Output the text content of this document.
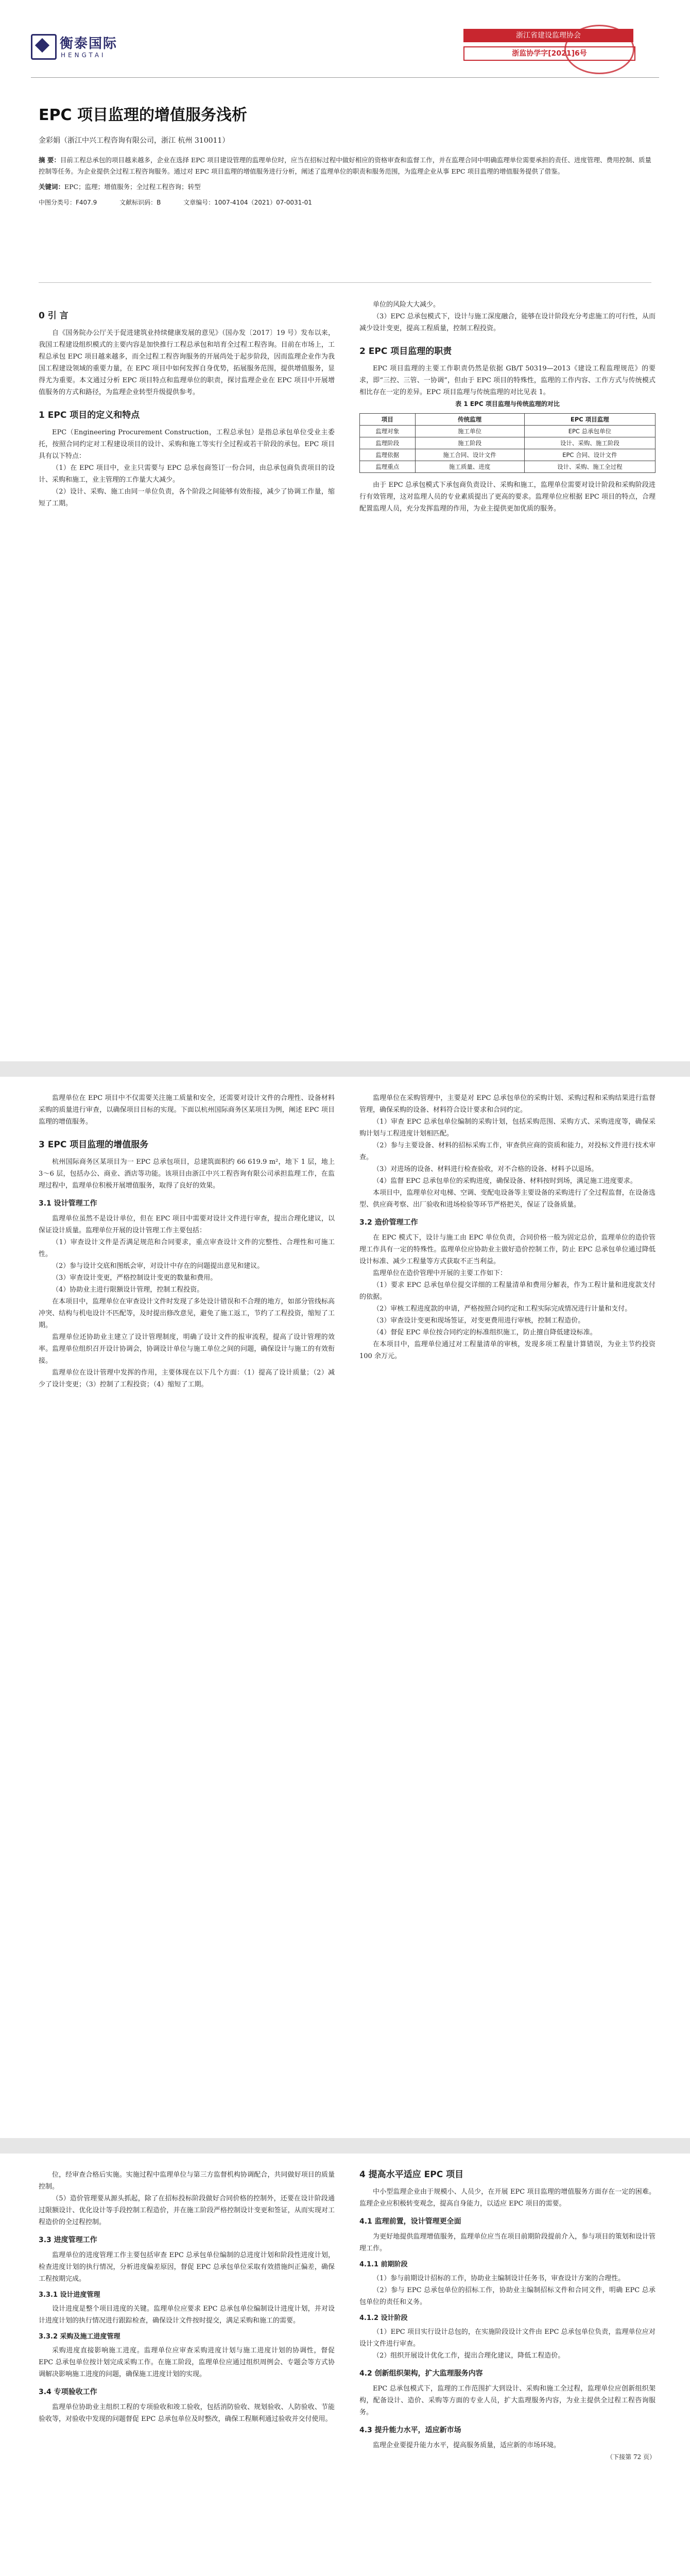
衡泰国际
HENGTAI
浙江省建设监理协会
浙监协学字[2021]6号
EPC 项目监理的增值服务浅析
金彩娟（浙江中兴工程咨询有限公司，浙江 杭州 310011）
摘 要：目前工程总承包的项目越来越多，企业在选择 EPC 项目建设管理的监理单位时，应当在招标过程中做好相应的资格审查和监督工作，并在监理合同中明确监理单位需要承担的责任、进度管理、费用控制、质量控制等任务。为企业提供全过程工程咨询服务。通过对 EPC 项目监理的增值服务进行分析，阐述了监理单位的职责和服务范围，为监理企业从事 EPC 项目监理的增值服务提供了借鉴。
关键词：EPC；监理；增值服务；全过程工程咨询；转型
中图分类号：F407.9	文献标识码：B	文章编号：1007-4104（2021）07-0031-01
0 引 言

自《国务院办公厅关于促进建筑业持续健康发展的意见》（国办发〔2017〕19 号）发布以来，我国工程建设组织模式的主要内容是加快推行工程总承包和培育全过程工程咨询。目前在市场上，工程总承包 EPC 项目越来越多，而全过程工程咨询服务的开展尚处于起步阶段，因而监理企业作为我国工程建设领域的重要力量，在 EPC 项目中如何发挥自身优势，拓展服务范围，提供增值服务，显得尤为重要。本文通过分析 EPC 项目特点和监理单位的职责，探讨监理企业在 EPC 项目中开展增值服务的方式和路径，为监理企业转型升级提供参考。

1 EPC 项目的定义和特点

EPC（Engineering Procurement Construction，工程总承包）是指总承包单位受业主委托，按照合同约定对工程建设项目的设计、采购和施工等实行全过程或若干阶段的承包。EPC 项目具有以下特点：

（1）在 EPC 项目中，业主只需要与 EPC 总承包商签订一份合同，由总承包商负责项目的设计、采购和施工，业主管理的工作量大大减少。

（2）设计、采购、施工由同一单位负责，各个阶段之间能够有效衔接，减少了协调工作量，缩短了工期。

单位的风险大大减少。

（3）EPC 总承包模式下，设计与施工深度融合，能够在设计阶段充分考虑施工的可行性，从而减少设计变更，提高工程质量，控制工程投资。

2 EPC 项目监理的职责

EPC 项目监理的主要工作职责仍然是依据 GB/T 50319—2013《建设工程监理规范》的要求，即“三控、三管、一协调”，但由于 EPC 项目的特殊性，监理的工作内容、工作方式与传统模式相比存在一定的差异。EPC 项目监理与传统监理的对比见表 1。

表 1 EPC 项目监理与传统监理的对比
项目	传统监理	EPC 项目监理
监理对象	施工单位	EPC 总承包单位
监理阶段	施工阶段	设计、采购、施工阶段
监理依据	施工合同、设计文件	EPC 合同、设计文件
监理重点	施工质量、进度	设计、采购、施工全过程

由于 EPC 总承包模式下承包商负责设计、采购和施工，监理单位需要对设计阶段和采购阶段进行有效管理，这对监理人员的专业素质提出了更高的要求。监理单位应根据 EPC 项目的特点，合理配置监理人员，充分发挥监理的作用，为业主提供更加优质的服务。

监理单位在 EPC 项目中不仅需要关注施工质量和安全，还需要对设计文件的合理性、设备材料采购的质量进行审查，以确保项目目标的实现。下面以杭州国际商务区某项目为例，阐述 EPC 项目监理的增值服务。

3 EPC 项目监理的增值服务

杭州国际商务区某项目为一 EPC 总承包项目，总建筑面积约 66 619.9 m²，地下 1 层，地上 3～6 层，包括办公、商业、酒店等功能。该项目由浙江中兴工程咨询有限公司承担监理工作，在监理过程中，监理单位积极开展增值服务，取得了良好的效果。

3.1 设计管理工作

监理单位虽然不是设计单位，但在 EPC 项目中需要对设计文件进行审查，提出合理化建议，以保证设计质量。监理单位开展的设计管理工作主要包括：

（1）审查设计文件是否满足规范和合同要求，重点审查设计文件的完整性、合理性和可施工性。

（2）参与设计交底和图纸会审，对设计中存在的问题提出意见和建议。

（3）审查设计变更，严格控制设计变更的数量和费用。

（4）协助业主进行限额设计管理，控制工程投资。

在本项目中，监理单位在审查设计文件时发现了多处设计错误和不合理的地方，如部分管线标高冲突、结构与机电设计不匹配等，及时提出修改意见，避免了施工返工，节约了工程投资，缩短了工期。

监理单位还协助业主建立了设计管理制度，明确了设计文件的报审流程，提高了设计管理的效率。监理单位组织召开设计协调会，协调设计单位与施工单位之间的问题，确保设计与施工的有效衔接。

监理单位在设计管理中发挥的作用，主要体现在以下几个方面：（1）提高了设计质量；（2）减少了设计变更；（3）控制了工程投资；（4）缩短了工期。

监理单位在采购管理中，主要是对 EPC 总承包单位的采购计划、采购过程和采购结果进行监督管理，确保采购的设备、材料符合设计要求和合同约定。

（1）审查 EPC 总承包单位编制的采购计划，包括采购范围、采购方式、采购进度等，确保采购计划与工程进度计划相匹配。

（2）参与主要设备、材料的招标采购工作，审查供应商的资质和能力，对投标文件进行技术审查。

（3）对进场的设备、材料进行检查验收，对不合格的设备、材料予以退场。

（4）监督 EPC 总承包单位的采购进度，确保设备、材料按时到场，满足施工进度要求。

本项目中，监理单位对电梯、空调、变配电设备等主要设备的采购进行了全过程监督，在设备选型、供应商考察、出厂验收和进场检验等环节严格把关，保证了设备质量。

3.2 造价管理工作

在 EPC 模式下，设计与施工由 EPC 单位负责，合同价格一般为固定总价，监理单位的造价管理工作具有一定的特殊性。监理单位应协助业主做好造价控制工作，防止 EPC 总承包单位通过降低设计标准、减少工程量等方式获取不正当利益。

监理单位在造价管理中开展的主要工作如下：

（1）要求 EPC 总承包单位提交详细的工程量清单和费用分解表，作为工程计量和进度款支付的依据。

（2）审核工程进度款的申请，严格按照合同约定和工程实际完成情况进行计量和支付。

（3）审查设计变更和现场签证，对变更费用进行审核，控制工程造价。

（4）督促 EPC 单位按合同约定的标准组织施工，防止擅自降低建设标准。

在本项目中，监理单位通过对工程量清单的审核，发现多项工程量计算错误，为业主节约投资 100 余万元。

位，经审查合格后实施。实施过程中监理单位与第三方监督机构协调配合，共同做好项目的质量控制。

（5）造价管理要从源头抓起，除了在招标投标阶段做好合同价格的控制外，还要在设计阶段通过限额设计、优化设计等手段控制工程造价，并在施工阶段严格控制设计变更和签证，从而实现对工程造价的全过程控制。

3.3 进度管理工作

监理单位的进度管理工作主要包括审查 EPC 总承包单位编制的总进度计划和阶段性进度计划，检查进度计划的执行情况，分析进度偏差原因，督促 EPC 总承包单位采取有效措施纠正偏差，确保工程按期完成。

3.3.1 设计进度管理

设计进度是整个项目进度的关键。监理单位应要求 EPC 总承包单位编制设计进度计划，并对设计进度计划的执行情况进行跟踪检查，确保设计文件按时提交，满足采购和施工的需要。

3.3.2 采购及施工进度管理

采购进度直接影响施工进度。监理单位应审查采购进度计划与施工进度计划的协调性，督促 EPC 总承包单位按计划完成采购工作。在施工阶段，监理单位应通过组织周例会、专题会等方式协调解决影响施工进度的问题，确保施工进度计划的实现。

3.4 专项验收工作

监理单位协助业主组织工程的专项验收和竣工验收，包括消防验收、规划验收、人防验收、节能验收等，对验收中发现的问题督促 EPC 总承包单位及时整改，确保工程顺利通过验收并交付使用。

4 提高水平适应 EPC 项目

中小型监理企业由于规模小、人员少，在开展 EPC 项目监理的增值服务方面存在一定的困难。监理企业应积极转变观念，提高自身能力，以适应 EPC 项目的需要。

4.1 监理前置，设计管理更全面

为更好地提供监理增值服务，监理单位应当在项目前期阶段提前介入，参与项目的策划和设计管理工作。

4.1.1 前期阶段

（1）参与前期设计招标的工作，协助业主编制设计任务书，审查设计方案的合理性。

（2）参与 EPC 总承包单位的招标工作，协助业主编制招标文件和合同文件，明确 EPC 总承包单位的责任和义务。

4.1.2 设计阶段

（1）EPC 项目实行设计总包的，在实施阶段设计文件由 EPC 总承包单位负责，监理单位应对设计文件进行审查。

（2）组织开展设计优化工作，提出合理化建议，降低工程造价。

4.2 创新组织架构，扩大监理服务内容

EPC 总承包模式下，监理的工作范围扩大到设计、采购和施工全过程，监理单位应创新组织架构，配备设计、造价、采购等方面的专业人员，扩大监理服务内容，为业主提供全过程工程咨询服务。

4.3 提升能力水平，适应新市场

监理企业要提升能力水平，提高服务质量，适应新的市场环境。

（下接第 72 页）
